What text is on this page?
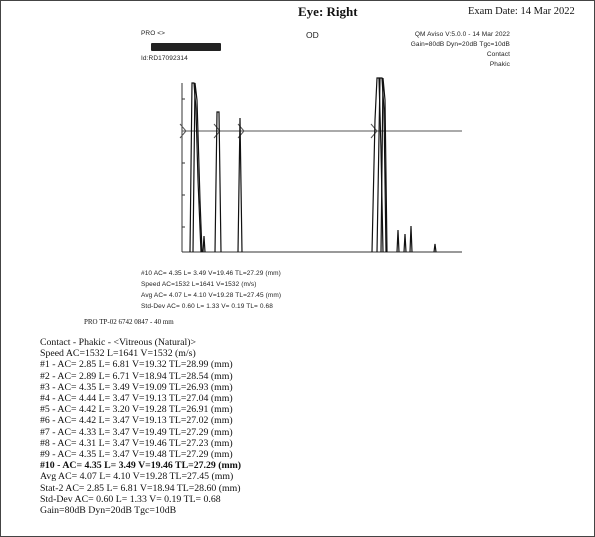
Eye: Right	Exam Date: 14 Mar 2022
PRO <>
Id:RD17092314
OD	QM Aviso V:5.0.0 - 14 Mar 2022
Gain=80dB Dyn=20dB Tgc=10dB
Contact
Phakic
#10 AC= 4.35 L= 3.49 V=19.46 TL=27.29 (mm)
Speed AC=1532 L=1641 V=1532 (m/s)
Avg AC= 4.07 L= 4.10 V=19.28 TL=27.45 (mm)
Std-Dev AC= 0.60 L= 1.33 V= 0.19 TL= 0.68
PRO TP-02 6742 0847 - 40 mm
Contact - Phakic - <Vitreous (Natural)>
Speed AC=1532 L=1641 V=1532 (m/s)
#1 - AC= 2.85 L= 6.81 V=19.32 TL=28.99 (mm)
#2 - AC= 2.89 L= 6.71 V=18.94 TL=28.54 (mm)
#3 - AC= 4.35 L= 3.49 V=19.09 TL=26.93 (mm)
#4 - AC= 4.44 L= 3.47 V=19.13 TL=27.04 (mm)
#5 - AC= 4.42 L= 3.20 V=19.28 TL=26.91 (mm)
#6 - AC= 4.42 L= 3.47 V=19.13 TL=27.02 (mm)
#7 - AC= 4.33 L= 3.47 V=19.49 TL=27.29 (mm)
#8 - AC= 4.31 L= 3.47 V=19.46 TL=27.23 (mm)
#9 - AC= 4.35 L= 3.47 V=19.48 TL=27.29 (mm)
#10 - AC= 4.35 L= 3.49 V=19.46 TL=27.29 (mm)
Avg AC= 4.07 L= 4.10 V=19.28 TL=27.45 (mm)
Stat-2 AC= 2.85 L= 6.81 V=18.94 TL=28.60 (mm)
Std-Dev AC= 0.60 L= 1.33 V= 0.19 TL= 0.68
Gain=80dB Dyn=20dB Tgc=10dB
